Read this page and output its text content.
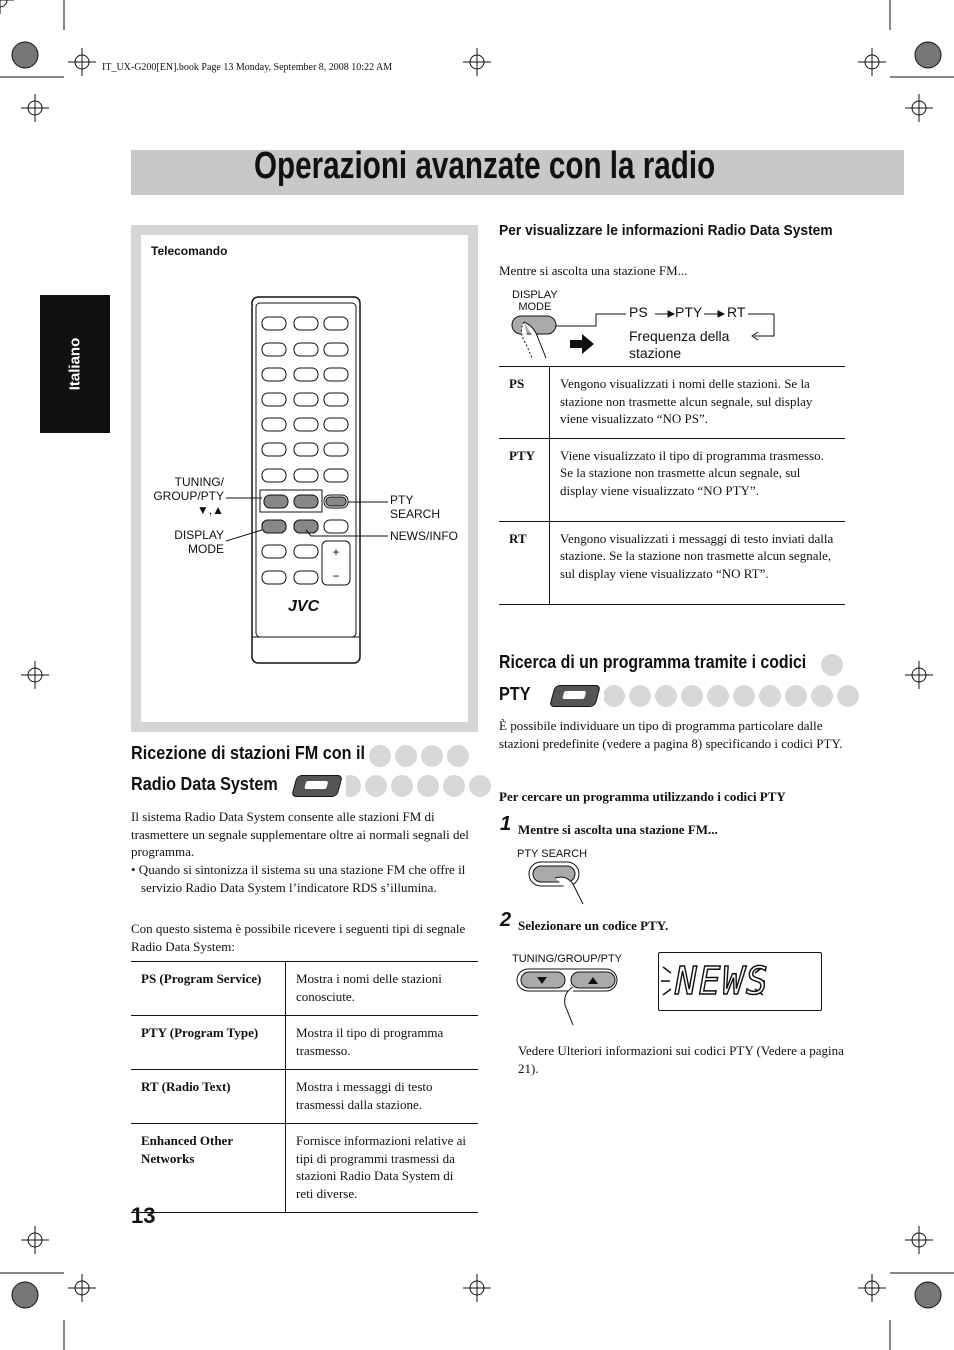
IT_UX-G200[EN].book Page 13 Monday, September 8, 2008 10:22 AM
Italiano
Operazioni avanzate con la radio
Telecomando
+
−
JVC
TUNING/
GROUP/PTY
▼,▲
DISPLAY
MODE
PTY
SEARCH
NEWS/INFO
Ricezione di stazioni FM con il
Radio Data System
Il sistema Radio Data System consente alle stazioni FM di trasmettere un segnale supplementare oltre ai normali segnali del programma.
• Quando si sintonizza il sistema su una stazione FM che offre il servizio Radio Data System l’indicatore RDS s’illumina.
Con questo sistema è possibile ricevere i seguenti tipi di segnale Radio Data System:
PS (Program Service)	Mostra i nomi delle stazioni conosciute.
PTY (Program Type)	Mostra il tipo di programma trasmesso.
RT (Radio Text)	Mostra i messaggi di testo trasmessi dalla stazione.
Enhanced Other Networks	Fornisce informazioni relative ai tipi di programmi trasmessi da stazioni Radio Data System di reti diverse.
13
Per visualizzare le informazioni Radio Data System
Mentre si ascolta una stazione FM...
DISPLAY
MODE	PS PTY RT
Frequenza della
stazione
PS	Vengono visualizzati i nomi delle stazioni. Se la stazione non trasmette alcun segnale, sul display viene visualizzato “NO PS”.
PTY	Viene visualizzato il tipo di programma trasmesso. Se la stazione non trasmette alcun segnale, sul display viene visualizzato “NO PTY”.
RT	Vengono visualizzati i messaggi di testo inviati dalla stazione. Se la stazione non trasmette alcun segnale, sul display viene visualizzato “NO RT”.
Ricerca di un programma tramite i codici
PTY
È possibile individuare un tipo di programma particolare dalle stazioni predefinite (vedere a pagina 8) specificando i codici PTY.
Per cercare un programma utilizzando i codici PTY
1 Mentre si ascolta una stazione FM...
PTY SEARCH
2 Selezionare un codice PTY.
TUNING/GROUP/PTY NEWS
Vedere Ulteriori informazioni sui codici PTY (Vedere a pagina 21).
